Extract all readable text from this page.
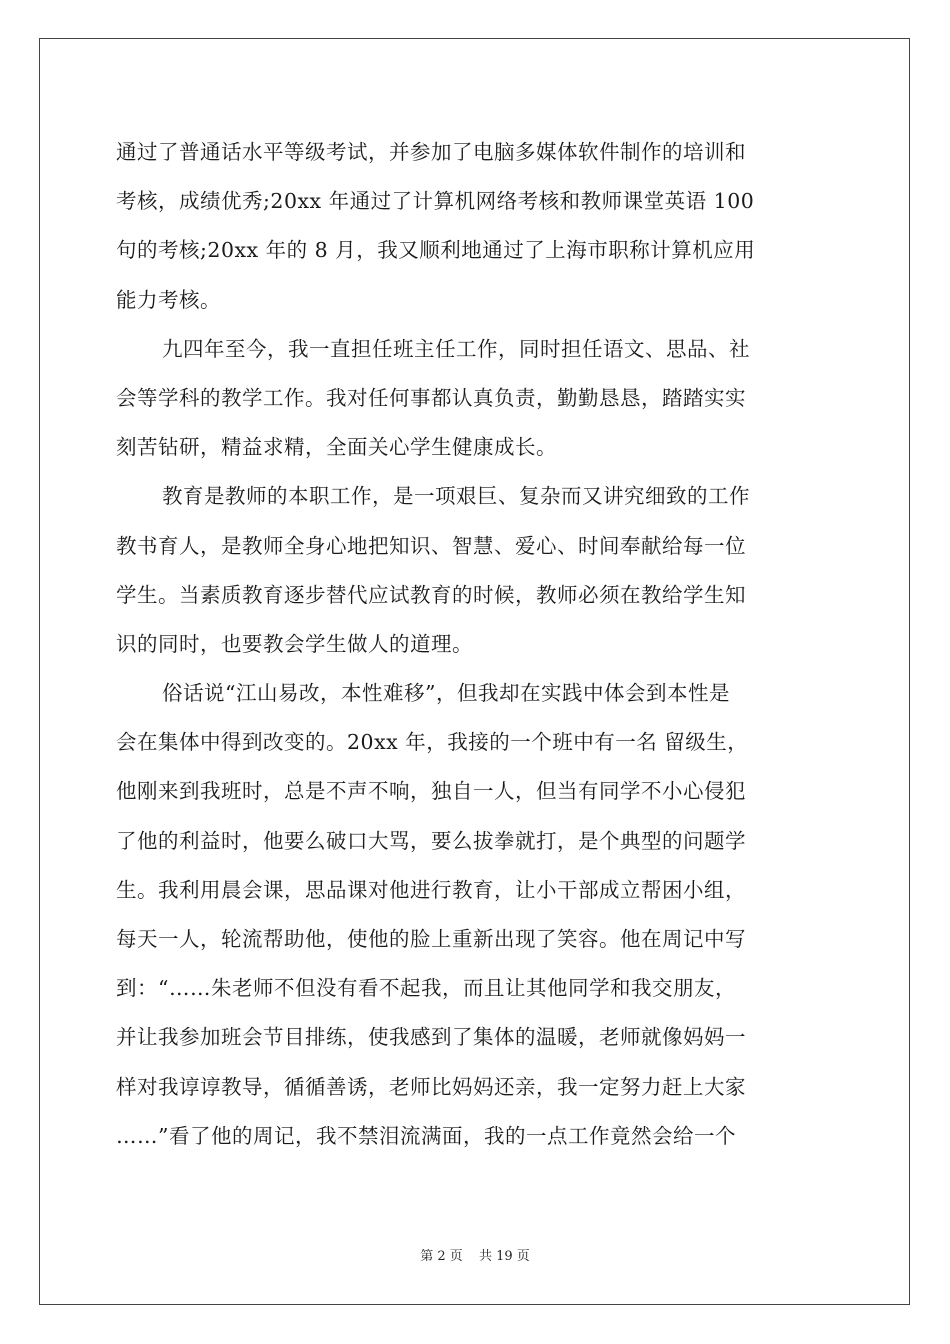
通过了普通话水平等级考试，并参加了电脑多媒体软件制作的培训和
考核，成绩优秀;20xx 年通过了计算机网络考核和教师课堂英语 100
句的考核;20xx 年的 8 月，我又顺利地通过了上海市职称计算机应用
能力考核。
九四年至今，我一直担任班主任工作，同时担任语文、思品、社
会等学科的教学工作。我对任何事都认真负责，勤勤恳恳，踏踏实实
刻苦钻研，精益求精，全面关心学生健康成长。
教育是教师的本职工作，是一项艰巨、复杂而又讲究细致的工作
教书育人，是教师全身心地把知识、智慧、爱心、时间奉献给每一位
学生。当素质教育逐步替代应试教育的时候，教师必须在教给学生知
识的同时，也要教会学生做人的道理。
俗话说“江山易改，本性难移”，但我却在实践中体会到本性是
会在集体中得到改变的。20xx 年，我接的一个班中有一名 留级生，
他刚来到我班时，总是不声不响，独自一人，但当有同学不小心侵犯
了他的利益时，他要么破口大骂，要么拔拳就打，是个典型的问题学
生。我利用晨会课，思品课对他进行教育，让小干部成立帮困小组，
每天一人，轮流帮助他，使他的脸上重新出现了笑容。他在周记中写
到：“……朱老师不但没有看不起我，而且让其他同学和我交朋友，
并让我参加班会节目排练，使我感到了集体的温暖，老师就像妈妈一
样对我谆谆教导，循循善诱，老师比妈妈还亲，我一定努力赶上大家
……”看了他的周记，我不禁泪流满面，我的一点工作竟然会给一个
第 2 页 共 19 页
